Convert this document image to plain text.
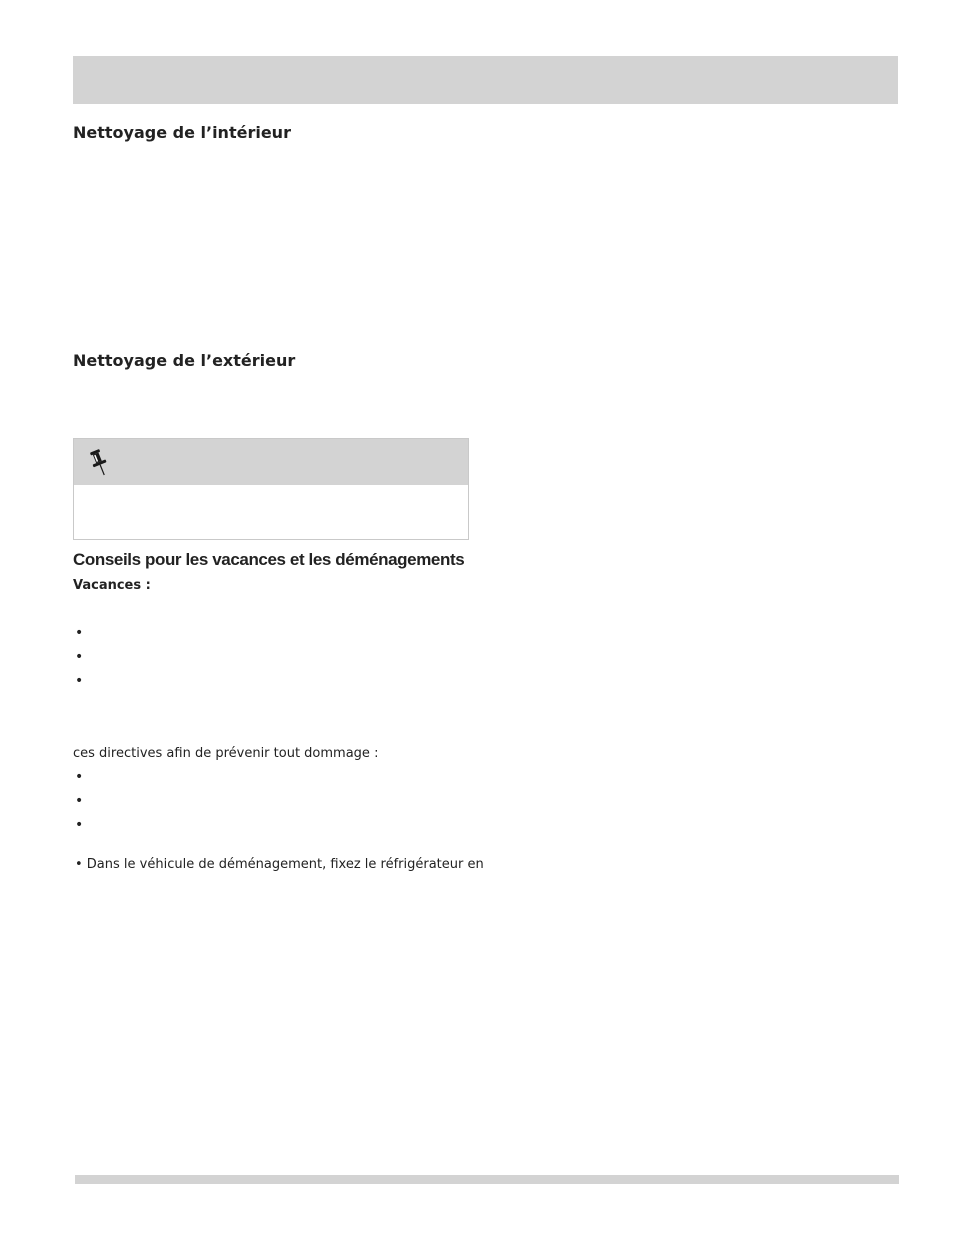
Nettoyage de l’intérieur
Nettoyage de l’extérieur
Conseils pour les vacances et les déménagements
Vacances :
•
•
•
ces directives afin de prévenir tout dommage :
•
•
•
• Dans le véhicule de déménagement, fixez le réfrigérateur en
